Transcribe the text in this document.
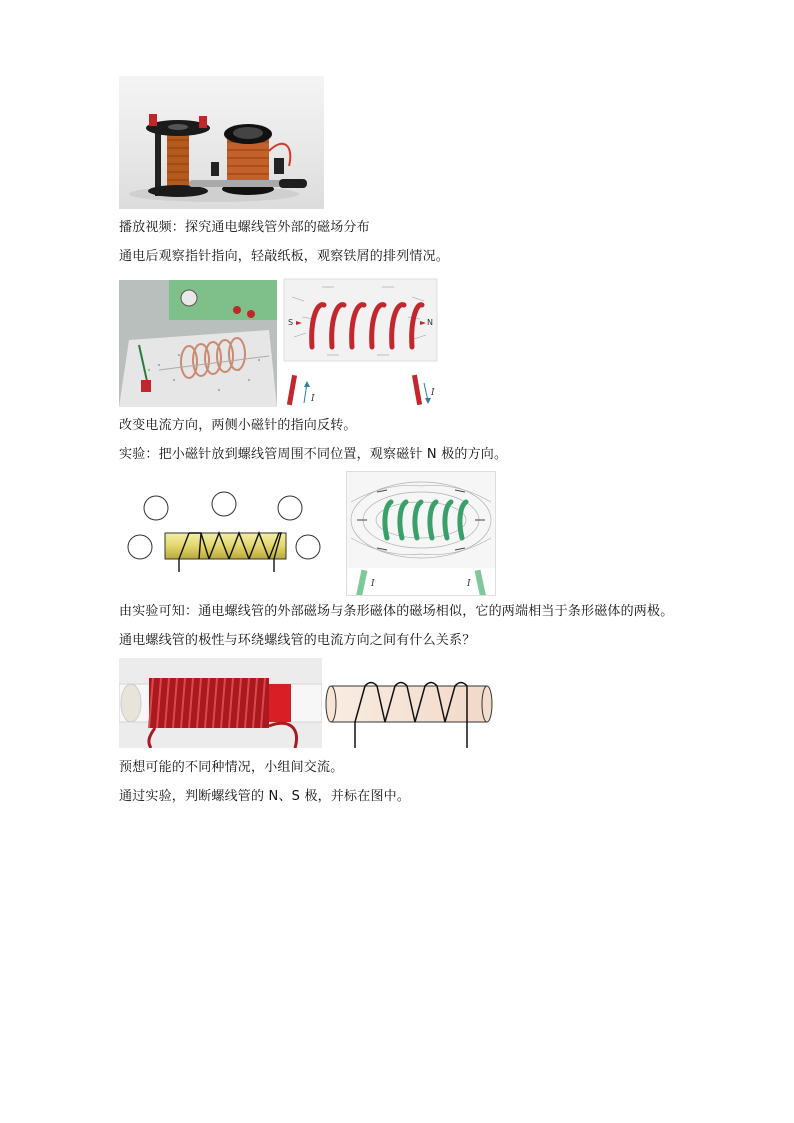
播放视频：探究通电螺线管外部的磁场分布
通电后观察指针指向，轻敲纸板，观察铁屑的排列情况。
S	N
I
I
改变电流方向，两侧小磁针的指向反转。
实验：把小磁针放到螺线管周围不同位置，观察磁针 N 极的方向。
I	I
由实验可知：通电螺线管的外部磁场与条形磁体的磁场相似，它的两端相当于条形磁体的两极。
通电螺线管的极性与环绕螺线管的电流方向之间有什么关系？
预想可能的不同种情况，小组间交流。
通过实验，判断螺线管的 N、S 极，并标在图中。
